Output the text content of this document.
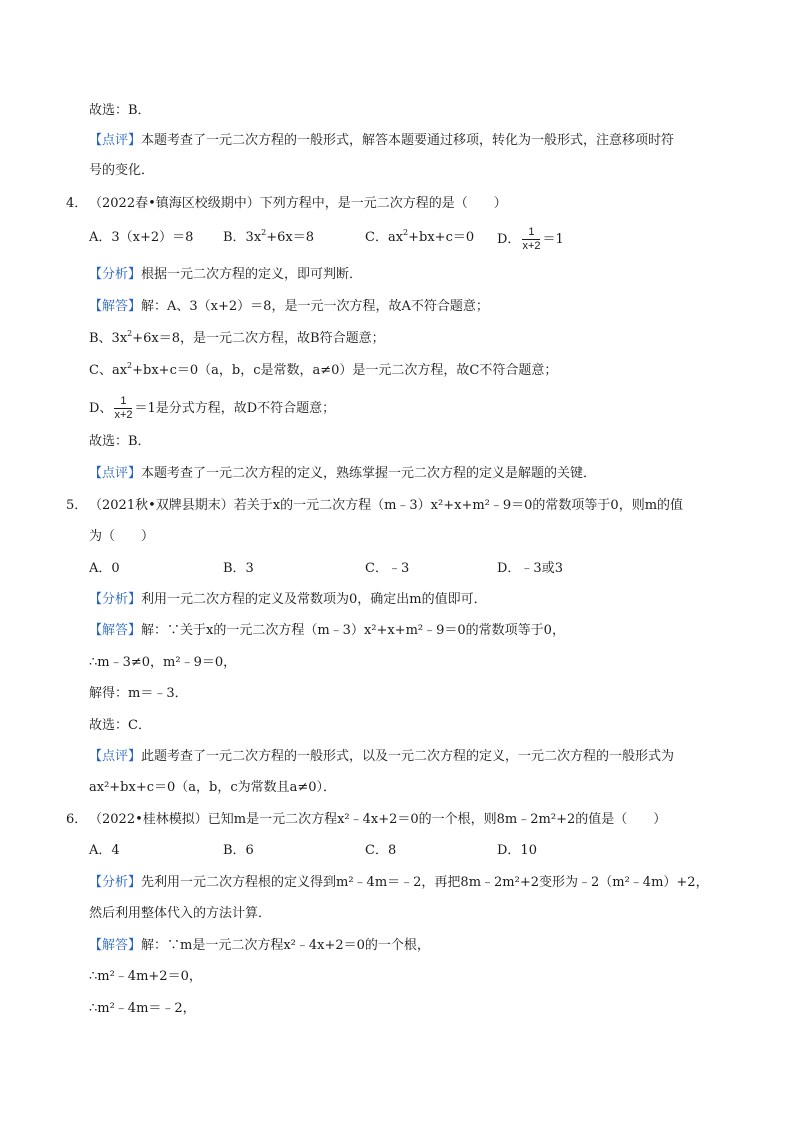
故选：B．
【点评】本题考查了一元二次方程的一般形式，解答本题要通过移项，转化为一般形式，注意移项时符
号的变化．
4． （2022春•镇海区校级期中）下列方程中，是一元二次方程的是（　　）
A．3（x+2）＝8 B．$3x^2+6x=8$	C．$ax^2+bx+c=0$ D． $\frac{1}{x+2} =1$
【分析】根据一元二次方程的定义，即可判断．
【解答】解：A、3（x+2）＝8，是一元一次方程，故A不符合题意；
B、$3x^2+6x=8$，是一元二次方程，故B符合题意；
C、$ax^2+bx+c=0(a$，b，c是常数，a≠0）是一元二次方程，故C不符合题意；
D、 $\frac{1}{x+2} =1$是分式方程，故D不符合题意；
故选：B．
【点评】本题考查了一元二次方程的定义，熟练掌握一元二次方程的定义是解题的关键．
5． （2021秋•双牌县期末）若关于x的一元二次方程（m﹣3）x²+x+m²﹣9＝0的常数项等于0，则m的值
为（　　）
A．0	B．3	C．﹣3	D．﹣3或3
【分析】利用一元二次方程的定义及常数项为0，确定出m的值即可．
【解答】解：∵关于x的一元二次方程（m﹣3）x²+x+m²﹣9＝0的常数项等于0，
∴m﹣3≠0，m²﹣9＝0，
解得：m＝﹣3．
故选：C．
【点评】此题考查了一元二次方程的一般形式，以及一元二次方程的定义，一元二次方程的一般形式为
ax²+bx+c＝0（a，b，c为常数且a≠0）．
6． （2022•桂林模拟）已知m是一元二次方程x²﹣4x+2＝0的一个根，则8m﹣2m²+2的值是（　　）
A．4	B．6	C．8	D．10
【分析】先利用一元二次方程根的定义得到m²﹣4m＝﹣2，再把8m﹣2m²+2变形为﹣2（m²﹣4m）+2，
然后利用整体代入的方法计算．
【解答】解：∵m是一元二次方程x²﹣4x+2＝0的一个根，
∴m²﹣4m+2＝0，
∴m²﹣4m＝﹣2，
